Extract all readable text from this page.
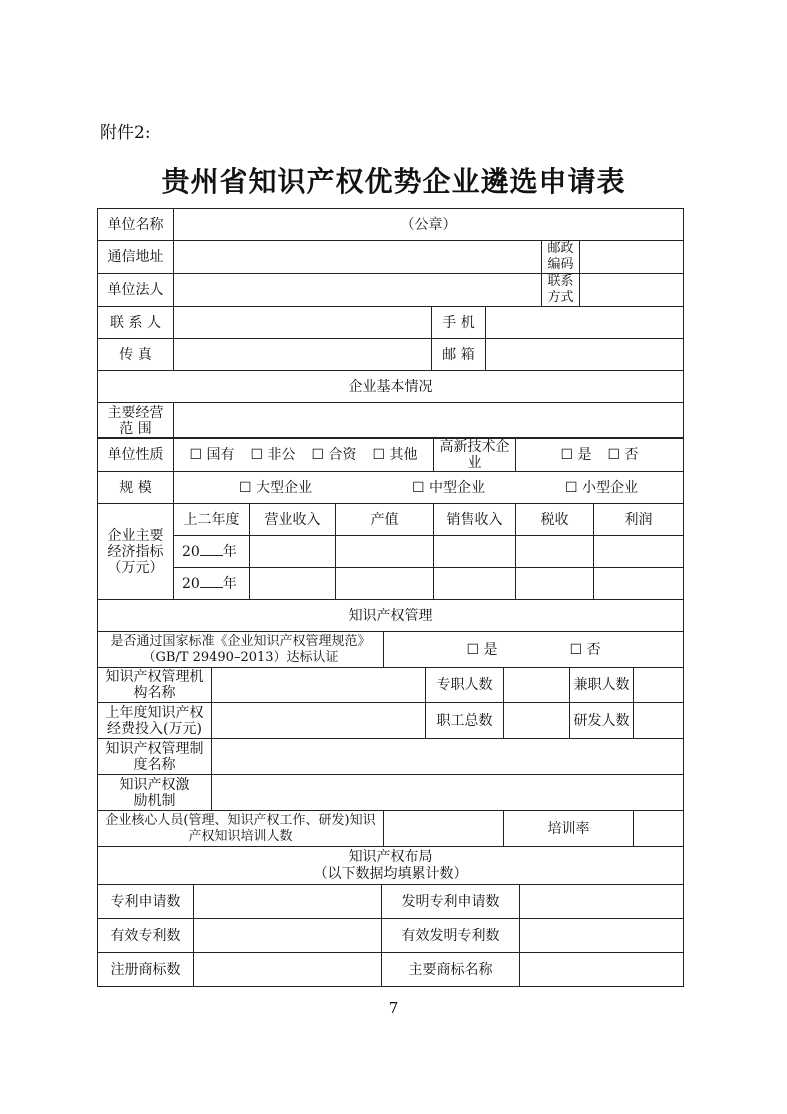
附件2:
贵州省知识产权优势企业遴选申请表
单位名称	（公章）				
通信地址				邮政编码	
单位法人				联系方式	
联 系 人		手 机			
传 真		邮 箱			
企业基本情况					
主要经营范 围					
单位性质	☐ 国有 ☐ 非公 ☐ 合资 ☐ 其他			高新技术企业	☐ 是 ☐ 否	
规 模	☐ 大型企业 ☐ 中型企业 ☐ 小型企业					
企业主要经济指标（万元）	上二年度	营业收入	产值	销售收入	税收	利润
	20 年					
	20 年					
知识产权管理						
是否通过国家标准《企业知识产权管理规范》（GB/T 29490–2013）达标认证		☐ 是 ☐ 否				
知识产权管理机构名称			专职人数		兼职人数	
上年度知识产权经费投入(万元)			职工总数		研发人数	
知识产权管理制度名称						
知识产权激励机制						
企业核心人员(管理、知识产权工作、研发)知识产权知识培训人数				培训率		

知识产权布局
（以下数据均填累计数）						
专利申请数		发明专利申请数	
有效专利数		有效发明专利数	
注册商标数		主要商标名称	
7
